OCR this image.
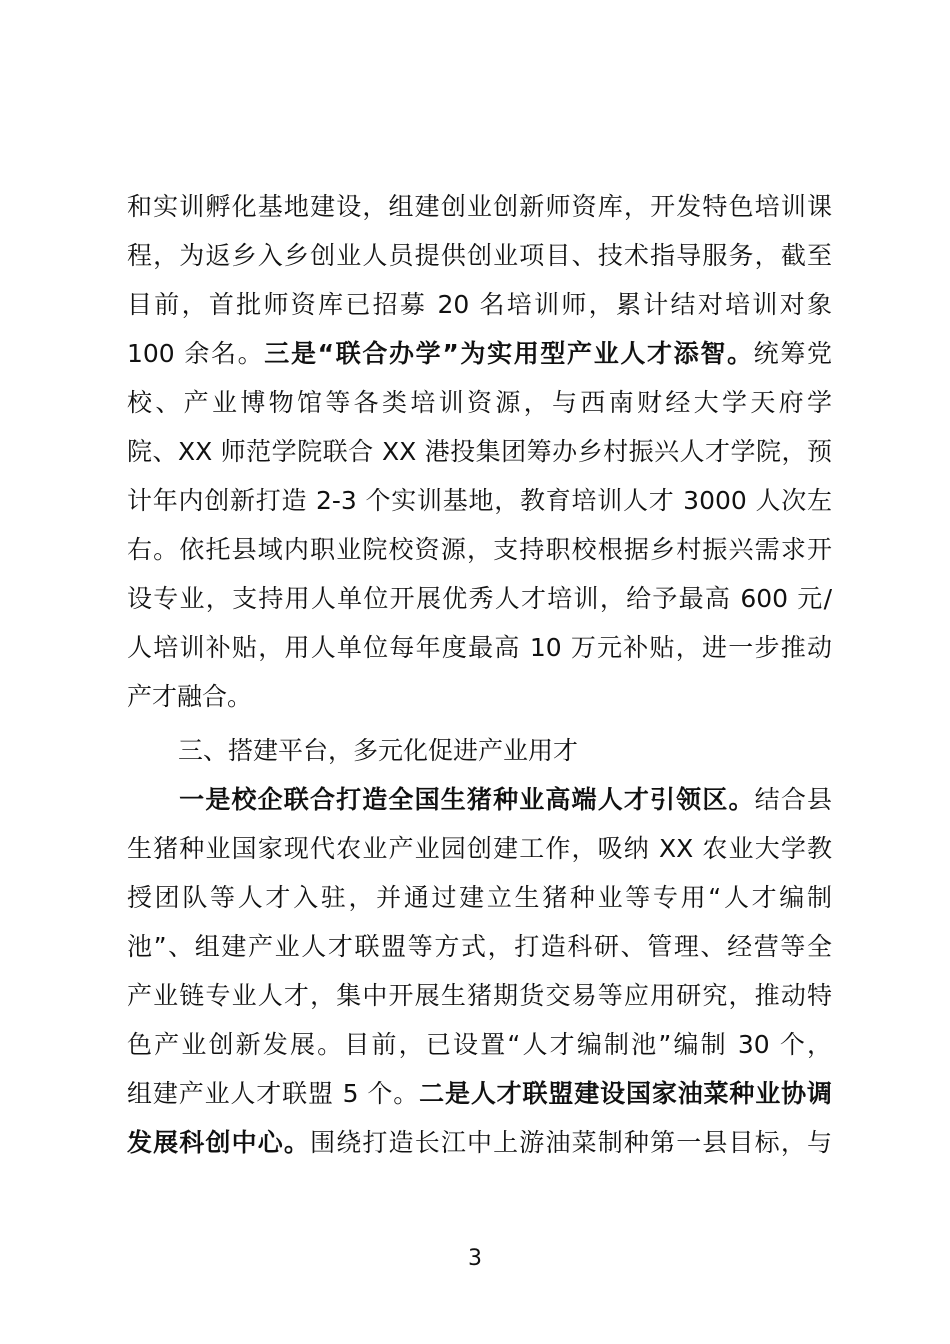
和实训孵化基地建设，组建创业创新师资库，开发特色培训课
程，为返乡入乡创业人员提供创业项目、技术指导服务，截至
目前，首批师资库已招募 20 名培训师，累计结对培训对象
100 余名。三是“联合办学”为实用型产业人才添智。统筹党
校、产业博物馆等各类培训资源，与西南财经大学天府学
院、XX 师范学院联合 XX 港投集团筹办乡村振兴人才学院，预
计年内创新打造 2-3 个实训基地，教育培训人才 3000 人次左
右。依托县域内职业院校资源，支持职校根据乡村振兴需求开
设专业，支持用人单位开展优秀人才培训，给予最高 600 元/
人培训补贴，用人单位每年度最高 10 万元补贴，进一步推动
产才融合。
三、搭建平台，多元化促进产业用才
一是校企联合打造全国生猪种业高端人才引领区。结合县
生猪种业国家现代农业产业园创建工作，吸纳 XX 农业大学教
授团队等人才入驻，并通过建立生猪种业等专用“人才编制
池”、组建产业人才联盟等方式，打造科研、管理、经营等全
产业链专业人才，集中开展生猪期货交易等应用研究，推动特
色产业创新发展。目前，已设置“人才编制池”编制 30 个，
组建产业人才联盟 5 个。二是人才联盟建设国家油菜种业协调
发展科创中心。围绕打造长江中上游油菜制种第一县目标，与
3
